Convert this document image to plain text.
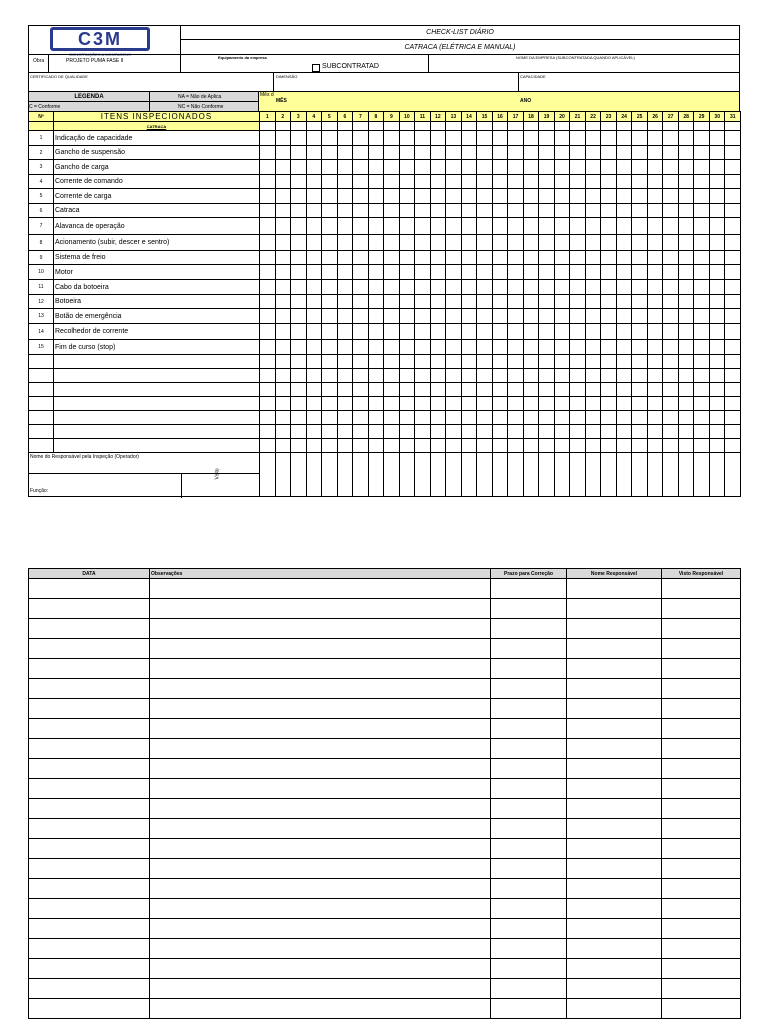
C3M
CONSTRUÇÕES & MONTAGENS
CHECK-LIST DIÁRIO
CATRACA (ELÉTRICA E MANUAL)
Obra	PROJETO PUMA FASE II
Equipamento da empresa
SUBCONTRATAD
NOME DA EMPRESA (SUBCONTRATADA QUANDO APLICÁVEL)
CERTIFICADO DE QUALIDADE	DIMENSÃO	CAPACIDADE
LEGENDA	NA = Não de Aplica
C = Conforme	NC = Não Conforme
Mês d
MÊS	ANO
Nº	ITENS INSPECIONADOS	1	2	3	4	5	6	7	8	9	10	11	12	13	14	15	16	17	18	19	20	21	22	23	24	25	26	27	28	29	30	31
	CATRACA																															
1	Indicação de capacidade																															
2	Gancho de suspensão																															
3	Gancho de carga																															
4	Corrente de comando																															
5	Corrente de carga																															
6	Catraca																															
7	Alavanca de operação																															
8	Acionamento (subir, descer e sentro)																															
9	Sistema de freio																															
10	Motor																															
11	Cabo da botoeira																															
12	Botoeira																															
13	Botão de emergência																															
14	Recolhedor de corrente																															
15	Fim de curso (stop)																															

Nome do Responsável pela Inspeção (Operador)
Função:
Visto																																

DATA	Observações	Prazo para Correção	Nome Responsável	Visto Responsável
